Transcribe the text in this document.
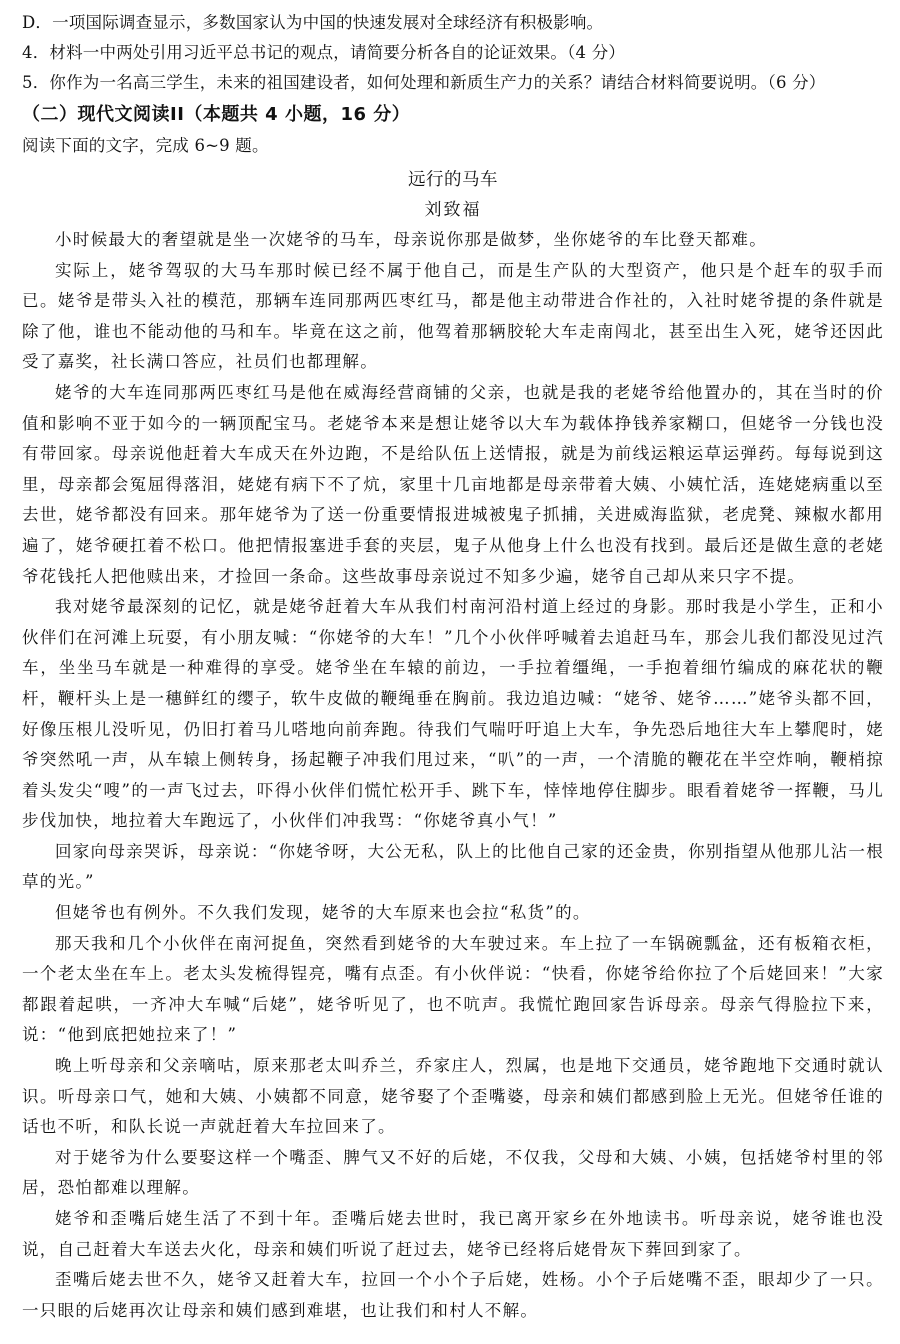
D．一项国际调查显示，多数国家认为中国的快速发展对全球经济有积极影响。
4．材料一中两处引用习近平总书记的观点，请简要分析各自的论证效果。（4 分）
5．你作为一名高三学生，未来的祖国建设者，如何处理和新质生产力的关系？请结合材料简要说明。（6 分）
（二）现代文阅读II（本题共 4 小题，16 分）
阅读下面的文字，完成 6~9 题。
远行的马车
刘致福

小时候最大的奢望就是坐一次姥爷的马车，母亲说你那是做梦，坐你姥爷的车比登天都难。

实际上，姥爷驾驭的大马车那时候已经不属于他自己，而是生产队的大型资产，他只是个赶车的驭手而已。姥爷是带头入社的模范，那辆车连同那两匹枣红马，都是他主动带进合作社的，入社时姥爷提的条件就是除了他，谁也不能动他的马和车。毕竟在这之前，他驾着那辆胶轮大车走南闯北，甚至出生入死，姥爷还因此受了嘉奖，社长满口答应，社员们也都理解。

姥爷的大车连同那两匹枣红马是他在威海经营商铺的父亲，也就是我的老姥爷给他置办的，其在当时的价值和影响不亚于如今的一辆顶配宝马。老姥爷本来是想让姥爷以大车为载体挣钱养家糊口，但姥爷一分钱也没有带回家。母亲说他赶着大车成天在外边跑，不是给队伍上送情报，就是为前线运粮运草运弹药。每每说到这里，母亲都会冤屈得落泪，姥姥有病下不了炕，家里十几亩地都是母亲带着大姨、小姨忙活，连姥姥病重以至去世，姥爷都没有回来。那年姥爷为了送一份重要情报进城被鬼子抓捕，关进威海监狱，老虎凳、辣椒水都用遍了，姥爷硬扛着不松口。他把情报塞进手套的夹层，鬼子从他身上什么也没有找到。最后还是做生意的老姥爷花钱托人把他赎出来，才捡回一条命。这些故事母亲说过不知多少遍，姥爷自己却从来只字不提。

我对姥爷最深刻的记忆，就是姥爷赶着大车从我们村南河沿村道上经过的身影。那时我是小学生，正和小伙伴们在河滩上玩耍，有小朋友喊：“你姥爷的大车！”几个小伙伴呼喊着去追赶马车，那会儿我们都没见过汽车，坐坐马车就是一种难得的享受。姥爷坐在车辕的前边，一手拉着缰绳，一手抱着细竹编成的麻花状的鞭杆，鞭杆头上是一穗鲜红的缨子，软牛皮做的鞭绳垂在胸前。我边追边喊：“姥爷、姥爷……”姥爷头都不回，好像压根儿没听见，仍旧打着马儿嗒地向前奔跑。待我们气喘吁吁追上大车，争先恐后地往大车上攀爬时，姥爷突然吼一声，从车辕上侧转身，扬起鞭子冲我们甩过来，“叭”的一声，一个清脆的鞭花在半空炸响，鞭梢掠着头发尖“嗖”的一声飞过去，吓得小伙伴们慌忙松开手、跳下车，悻悻地停住脚步。眼看着姥爷一挥鞭，马儿步伐加快，地拉着大车跑远了，小伙伴们冲我骂：“你姥爷真小气！”

回家向母亲哭诉，母亲说：“你姥爷呀，大公无私，队上的比他自己家的还金贵，你别指望从他那儿沾一根草的光。”

但姥爷也有例外。不久我们发现，姥爷的大车原来也会拉“私货”的。

那天我和几个小伙伴在南河捉鱼，突然看到姥爷的大车驶过来。车上拉了一车锅碗瓢盆，还有板箱衣柜，一个老太坐在车上。老太头发梳得锃亮，嘴有点歪。有小伙伴说：“快看，你姥爷给你拉了个后姥回来！”大家都跟着起哄，一齐冲大车喊“后姥”，姥爷听见了，也不吭声。我慌忙跑回家告诉母亲。母亲气得脸拉下来，说：“他到底把她拉来了！”

晚上听母亲和父亲嘀咕，原来那老太叫乔兰，乔家庄人，烈属，也是地下交通员，姥爷跑地下交通时就认识。听母亲口气，她和大姨、小姨都不同意，姥爷娶了个歪嘴婆，母亲和姨们都感到脸上无光。但姥爷任谁的话也不听，和队长说一声就赶着大车拉回来了。

对于姥爷为什么要娶这样一个嘴歪、脾气又不好的后姥，不仅我，父母和大姨、小姨，包括姥爷村里的邻居，恐怕都难以理解。

姥爷和歪嘴后姥生活了不到十年。歪嘴后姥去世时，我已离开家乡在外地读书。听母亲说，姥爷谁也没说，自己赶着大车送去火化，母亲和姨们听说了赶过去，姥爷已经将后姥骨灰下葬回到家了。

歪嘴后姥去世不久，姥爷又赶着大车，拉回一个小个子后姥，姓杨。小个子后姥嘴不歪，眼却少了一只。一只眼的后姥再次让母亲和姨们感到难堪，也让我们和村人不解。
